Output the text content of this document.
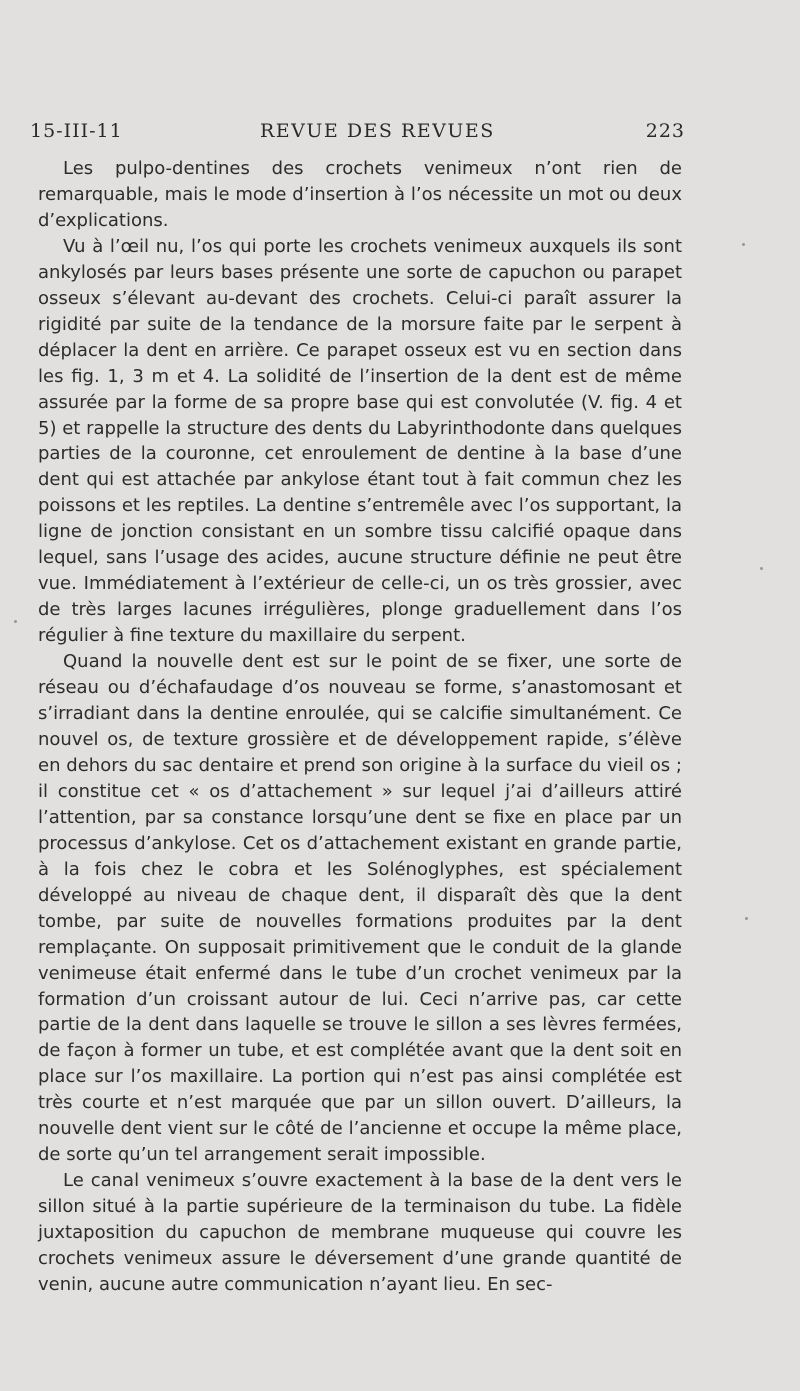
15-III-11	REVUE DES REVUES	223

Les pulpo-dentines des crochets venimeux n’ont rien de remarquable, mais le mode d’insertion à l’os nécessite un mot ou deux d’explications.

Vu à l’œil nu, l’os qui porte les crochets venimeux auxquels ils sont ankylosés par leurs bases présente une sorte de capuchon ou parapet osseux s’élevant au-devant des crochets. Celui-ci paraît assurer la rigidité par suite de la tendance de la morsure faite par le serpent à déplacer la dent en arrière. Ce parapet osseux est vu en section dans les fig. 1, 3 m et 4. La solidité de l’insertion de la dent est de même assurée par la forme de sa propre base qui est convolutée (V. fig. 4 et 5) et rappelle la structure des dents du Labyrinthodonte dans quelques parties de la couronne, cet enroulement de dentine à la base d’une dent qui est attachée par ankylose étant tout à fait commun chez les poissons et les reptiles. La dentine s’entremêle avec l’os supportant, la ligne de jonction consistant en un sombre tissu calcifié opaque dans lequel, sans l’usage des acides, aucune structure définie ne peut être vue. Immédiatement à l’extérieur de celle-ci, un os très grossier, avec de très larges lacunes irrégulières, plonge graduellement dans l’os régulier à fine texture du maxillaire du serpent.

Quand la nouvelle dent est sur le point de se fixer, une sorte de réseau ou d’échafaudage d’os nouveau se forme, s’anastomosant et s’irradiant dans la dentine enroulée, qui se calcifie simultanément. Ce nouvel os, de texture grossière et de développement rapide, s’élève en dehors du sac dentaire et prend son origine à la surface du vieil os ; il constitue cet « os d’attachement » sur lequel j’ai d’ailleurs attiré l’attention, par sa constance lorsqu’une dent se fixe en place par un processus d’ankylose. Cet os d’attachement existant en grande partie, à la fois chez le cobra et les Solénoglyphes, est spécialement développé au niveau de chaque dent, il disparaît dès que la dent tombe, par suite de nouvelles formations produites par la dent remplaçante. On supposait primitivement que le conduit de la glande venimeuse était enfermé dans le tube d’un crochet venimeux par la formation d’un croissant autour de lui. Ceci n’arrive pas, car cette partie de la dent dans laquelle se trouve le sillon a ses lèvres fermées, de façon à former un tube, et est complétée avant que la dent soit en place sur l’os maxillaire. La portion qui n’est pas ainsi complétée est très courte et n’est marquée que par un sillon ouvert. D’ailleurs, la nouvelle dent vient sur le côté de l’ancienne et occupe la même place, de sorte qu’un tel arrangement serait impossible.

Le canal venimeux s’ouvre exactement à la base de la dent vers le sillon situé à la partie supérieure de la terminaison du tube. La fidèle juxtaposition du capuchon de membrane muqueuse qui couvre les crochets venimeux assure le déversement d’une grande quantité de venin, aucune autre communication n’ayant lieu. En sec-
